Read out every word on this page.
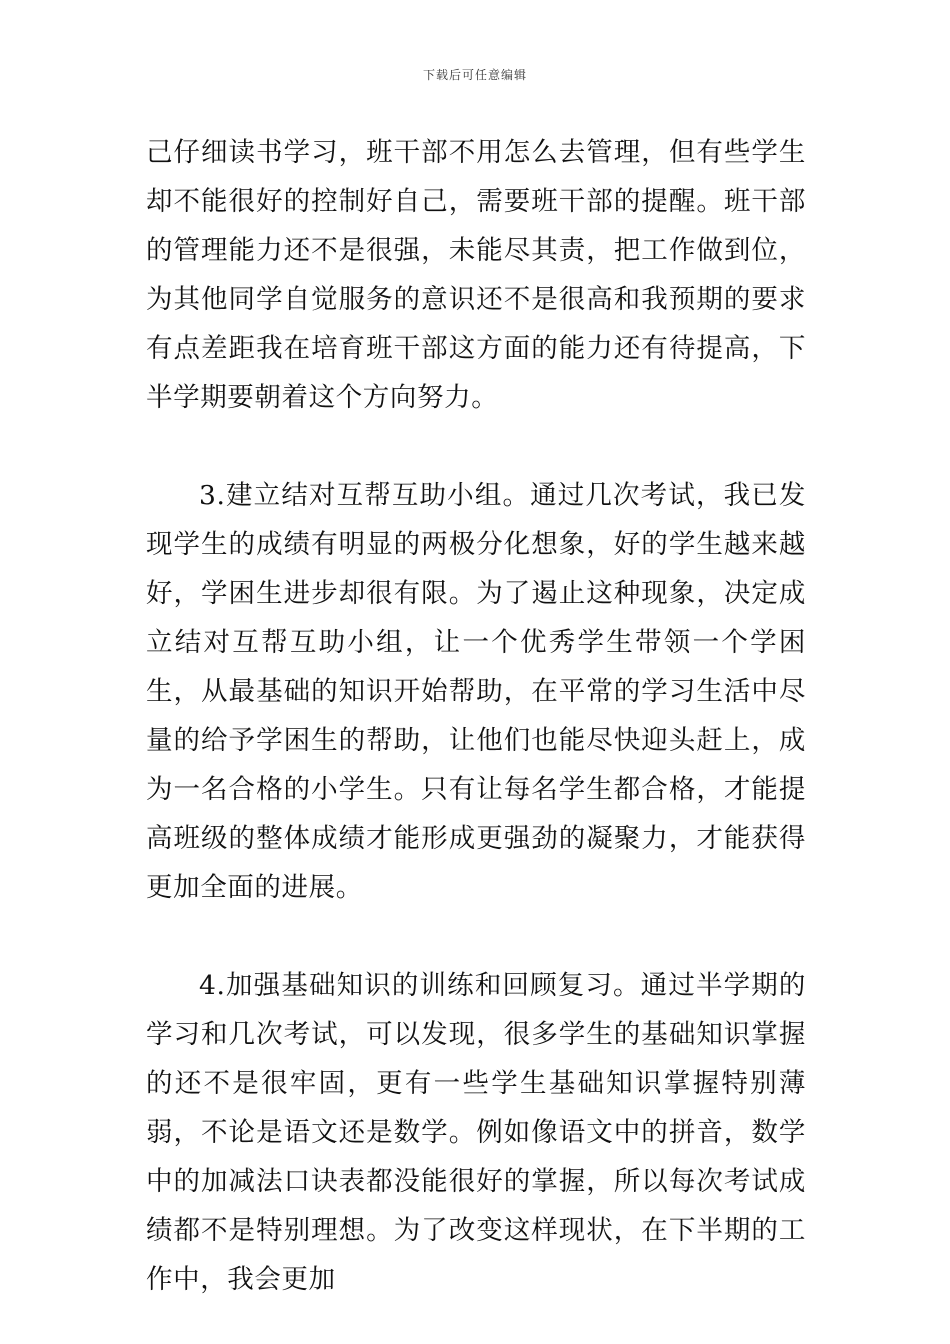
下载后可任意编辑

己仔细读书学习，班干部不用怎么去管理，但有些学生却不能很好的控制好自己，需要班干部的提醒。班干部的管理能力还不是很强，未能尽其责，把工作做到位，为其他同学自觉服务的意识还不是很高和我预期的要求有点差距我在培育班干部这方面的能力还有待提高，下半学期要朝着这个方向努力。

3.建立结对互帮互助小组。通过几次考试，我已发现学生的成绩有明显的两极分化想象，好的学生越来越好，学困生进步却很有限。为了遏止这种现象，决定成立结对互帮互助小组，让一个优秀学生带领一个学困生，从最基础的知识开始帮助，在平常的学习生活中尽量的给予学困生的帮助，让他们也能尽快迎头赶上，成为一名合格的小学生。只有让每名学生都合格，才能提高班级的整体成绩才能形成更强劲的凝聚力，才能获得更加全面的进展。

4.加强基础知识的训练和回顾复习。通过半学期的学习和几次考试，可以发现，很多学生的基础知识掌握的还不是很牢固，更有一些学生基础知识掌握特别薄弱，不论是语文还是数学。例如像语文中的拼音，数学中的加减法口诀表都没能很好的掌握，所以每次考试成绩都不是特别理想。为了改变这样现状，在下半期的工作中，我会更加
